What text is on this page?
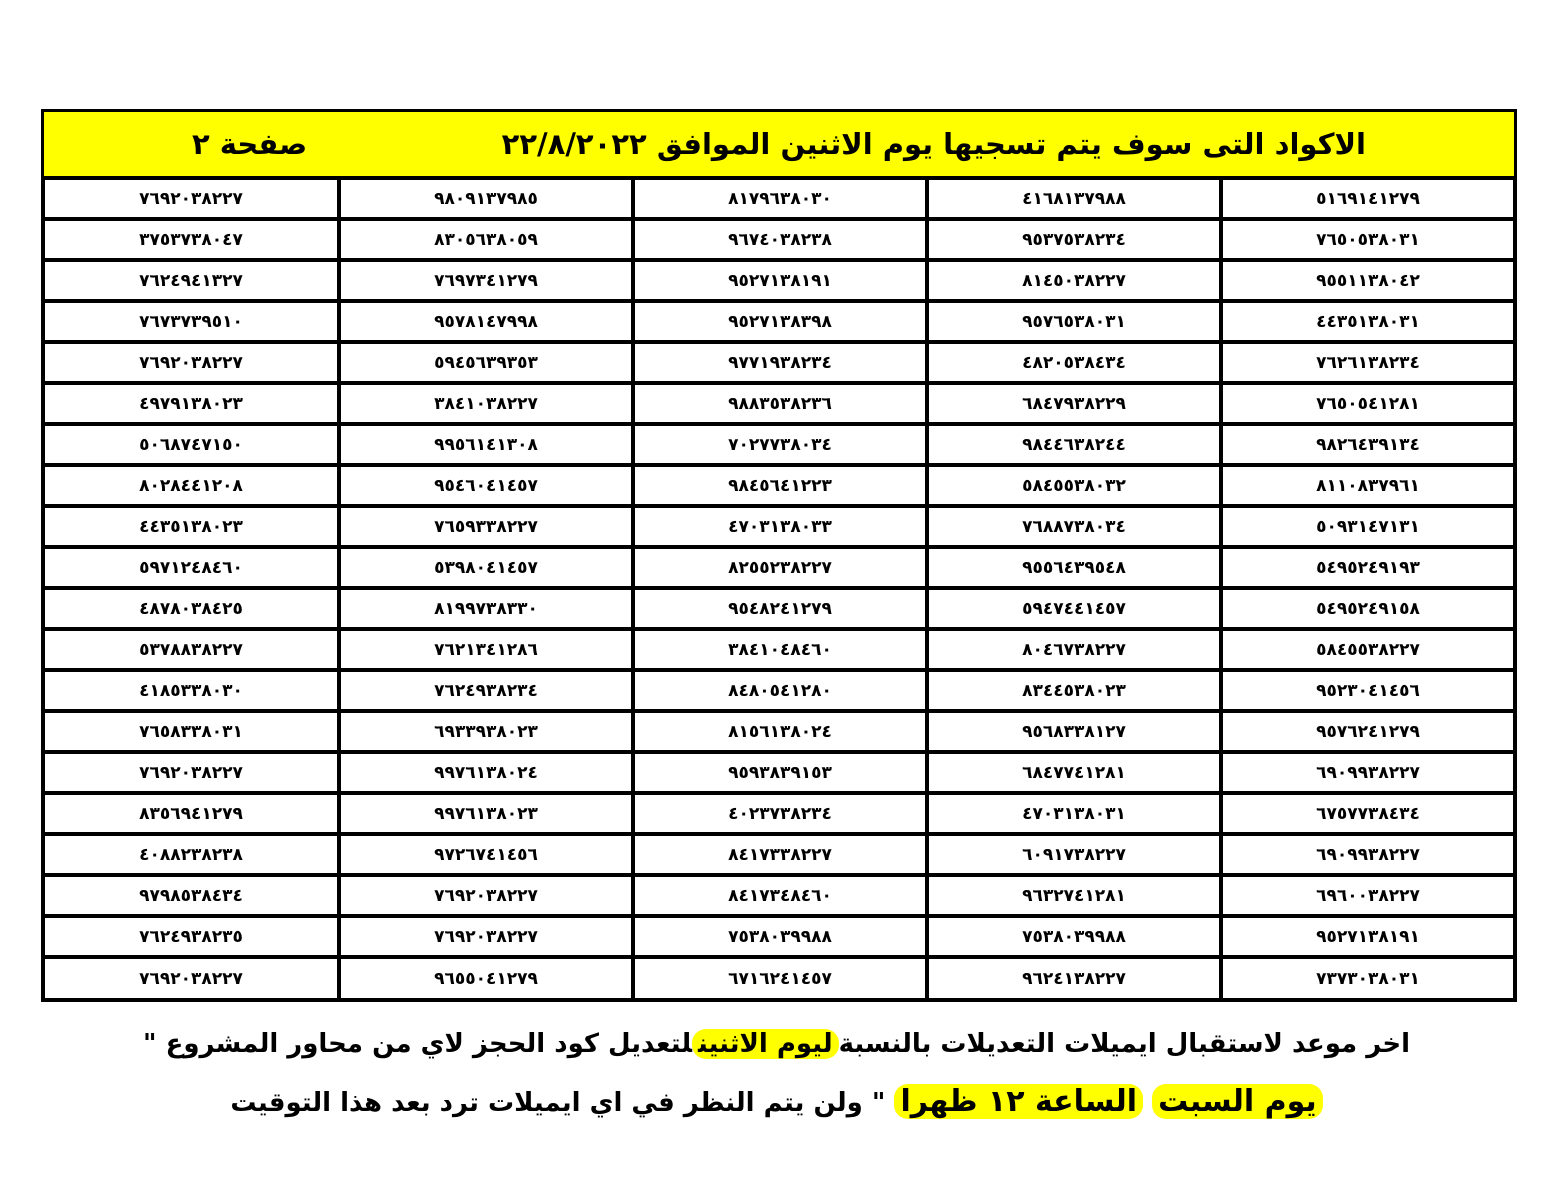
الاكواد التى سوف يتم تسجيها يوم الاثنين الموافق ٢٢/٨/٢٠٢٢
صفحة ٢
٥١٦٩١٤١٢٧٩
٤١٦٨١٣٧٩٨٨
٨١٧٩٦٣٨٠٣٠
٩٨٠٩١٣٧٩٨٥
٧٦٩٢٠٣٨٢٢٧
٧٦٥٠٥٣٨٠٣١
٩٥٣٧٥٣٨٢٣٤
٩٦٧٤٠٣٨٢٣٨
٨٣٠٥٦٣٨٠٥٩
٣٧٥٣٧٣٨٠٤٧
٩٥٥١١٣٨٠٤٢
٨١٤٥٠٣٨٢٢٧
٩٥٢٧١٣٨١٩١
٧٦٩٧٣٤١٢٧٩
٧٦٢٤٩٤١٣٢٧
٤٤٣٥١٣٨٠٣١
٩٥٧٦٥٣٨٠٣١
٩٥٢٧١٣٨٣٩٨
٩٥٧٨١٤٧٩٩٨
٧٦٧٣٧٣٩٥١٠
٧٦٢٦١٣٨٢٣٤
٤٨٢٠٥٣٨٤٣٤
٩٧٧١٩٣٨٢٣٤
٥٩٤٥٦٣٩٣٥٣
٧٦٩٢٠٣٨٢٢٧
٧٦٥٠٥٤١٢٨١
٦٨٤٧٩٣٨٢٢٩
٩٨٨٣٥٣٨٢٣٦
٣٨٤١٠٣٨٢٢٧
٤٩٧٩١٣٨٠٢٣
٩٨٢٦٤٣٩١٣٤
٩٨٤٤٦٣٨٢٤٤
٧٠٢٧٧٣٨٠٣٤
٩٩٥٦١٤١٣٠٨
٥٠٦٨٧٤٧١٥٠
٨١١٠٨٣٧٩٦١
٥٨٤٥٥٣٨٠٣٢
٩٨٤٥٦٤١٢٢٣
٩٥٤٦٠٤١٤٥٧
٨٠٢٨٤٤١٢٠٨
٥٠٩٣١٤٧١٣١
٧٦٨٨٧٣٨٠٣٤
٤٧٠٣١٣٨٠٣٣
٧٦٥٩٣٣٨٢٢٧
٤٤٣٥١٣٨٠٢٣
٥٤٩٥٢٤٩١٩٣
٩٥٥٦٤٣٩٥٤٨
٨٢٥٥٢٣٨٢٢٧
٥٣٩٨٠٤١٤٥٧
٥٩٧١٢٤٨٤٦٠
٥٤٩٥٢٤٩١٥٨
٥٩٤٧٤٤١٤٥٧
٩٥٤٨٢٤١٢٧٩
٨١٩٩٧٣٨٣٣٠
٤٨٧٨٠٣٨٤٢٥
٥٨٤٥٥٣٨٢٢٧
٨٠٤٦٧٣٨٢٢٧
٣٨٤١٠٤٨٤٦٠
٧٦٢١٣٤١٢٨٦
٥٣٧٨٨٣٨٢٢٧
٩٥٢٣٠٤١٤٥٦
٨٣٤٤٥٣٨٠٢٣
٨٤٨٠٥٤١٢٨٠
٧٦٢٤٩٣٨٢٣٤
٤١٨٥٣٣٨٠٣٠
٩٥٧٦٢٤١٢٧٩
٩٥٦٨٣٣٨١٢٧
٨١٥٦١٣٨٠٢٤
٦٩٣٣٩٣٨٠٢٣
٧٦٥٨٣٣٨٠٣١
٦٩٠٩٩٣٨٢٢٧
٦٨٤٧٧٤١٢٨١
٩٥٩٣٨٣٩١٥٣
٩٩٧٦١٣٨٠٢٤
٧٦٩٢٠٣٨٢٢٧
٦٧٥٧٧٣٨٤٣٤
٤٧٠٣١٣٨٠٣١
٤٠٢٣٧٣٨٢٣٤
٩٩٧٦١٣٨٠٢٣
٨٣٥٦٩٤١٢٧٩
٦٩٠٩٩٣٨٢٢٧
٦٠٩١٧٣٨٢٢٧
٨٤١٧٣٣٨٢٢٧
٩٧٢٦٧٤١٤٥٦
٤٠٨٨٢٣٨٢٣٨
٦٩٦٠٠٣٨٢٢٧
٩٦٣٢٧٤١٢٨١
٨٤١٧٣٤٨٤٦٠
٧٦٩٢٠٣٨٢٢٧
٩٧٩٨٥٣٨٤٣٤
٩٥٢٧١٣٨١٩١
٧٥٣٨٠٣٩٩٨٨
٧٥٣٨٠٣٩٩٨٨
٧٦٩٢٠٣٨٢٢٧
٧٦٢٤٩٣٨٢٣٥
٧٣٧٣٠٣٨٠٣١
٩٦٢٤١٣٨٢٢٧
٦٧١٦٢٤١٤٥٧
٩٦٥٥٠٤١٢٧٩
٧٦٩٢٠٣٨٢٢٧
اخر موعد لاستقبال ايميلات التعديلات بالنسبةليوم الاثنينلتعديل كود الحجز لاي من محاور المشروع "
يوم السبت الساعة ١٢ ظهرا " ولن يتم النظر في اي ايميلات ترد بعد هذا التوقيت
